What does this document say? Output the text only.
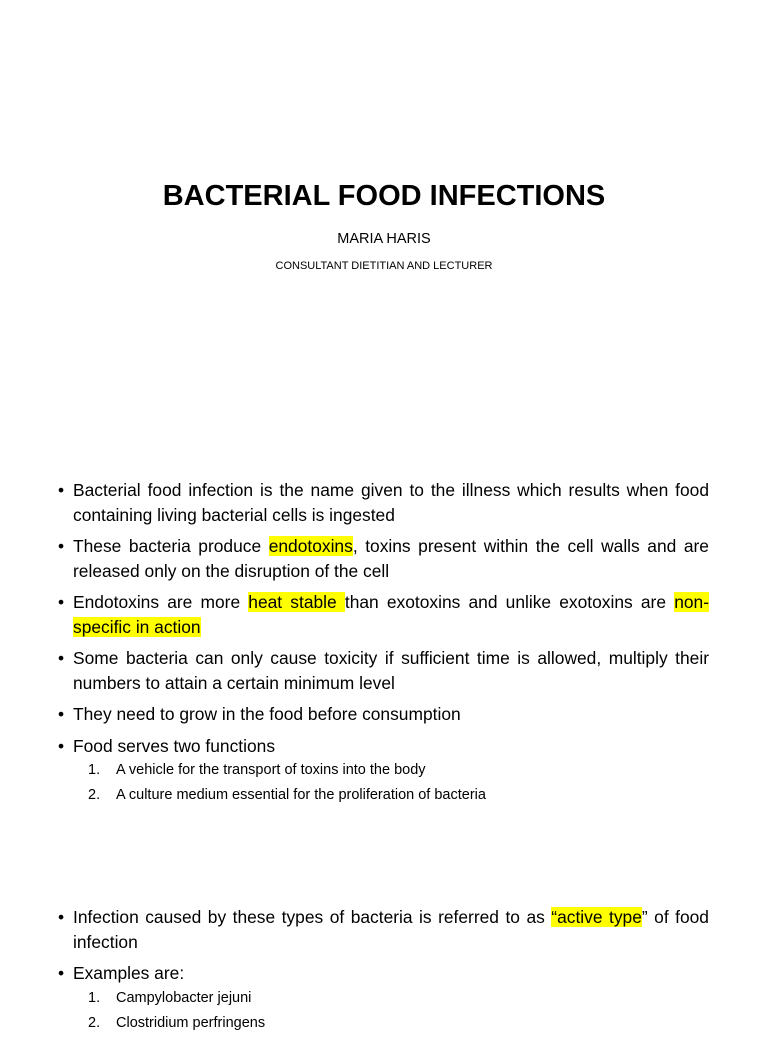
BACTERIAL FOOD INFECTIONS
MARIA HARIS
CONSULTANT DIETITIAN AND LECTURER
• Bacterial food infection is the name given to the illness which results when food containing living bacterial cells is ingested
• These bacteria produce endotoxins, toxins present within the cell walls and are released only on the disruption of the cell
• Endotoxins are more heat stable than exotoxins and unlike exotoxins are non-specific in action
• Some bacteria can only cause toxicity if sufficient time is allowed, multiply their numbers to attain a certain minimum level
• They need to grow in the food before consumption
• Food serves two functions
1. A vehicle for the transport of toxins into the body
2. A culture medium essential for the proliferation of bacteria
• Infection caused by these types of bacteria is referred to as “active type” of food infection
• Examples are:
1. Campylobacter jejuni
2. Clostridium perfringens
